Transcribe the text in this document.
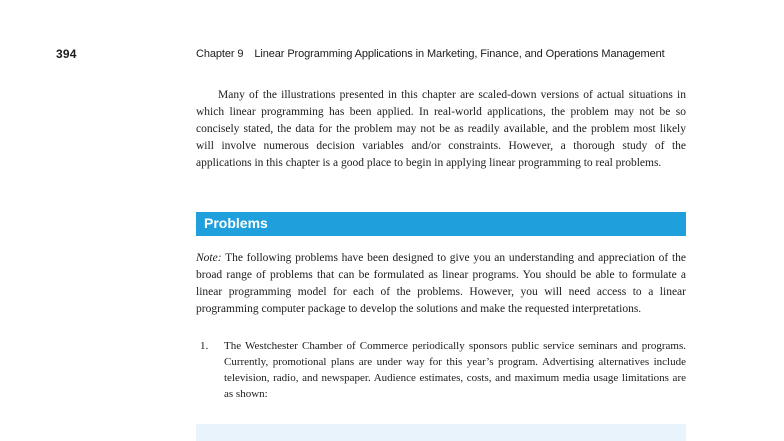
394	Chapter 9 Linear Programming Applications in Marketing, Finance, and Operations Management

Many of the illustrations presented in this chapter are scaled-down versions of actual situations in which linear programming has been applied. In real-world applications, the problem may not be so concisely stated, the data for the problem may not be as readily available, and the problem most likely will involve numerous decision variables and/or constraints. However, a thorough study of the applications in this chapter is a good place to begin in applying linear programming to real problems.

Problems

Note: The following problems have been designed to give you an understanding and appreciation of the broad range of problems that can be formulated as linear programs. You should be able to formulate a linear programming model for each of the problems. However, you will need access to a linear programming computer package to develop the solutions and make the requested interpretations.

1. The Westchester Chamber of Commerce periodically sponsors public service seminars and programs. Currently, promotional plans are under way for this year’s program. Advertising alternatives include television, radio, and newspaper. Audience estimates, costs, and maximum media usage limitations are as shown:
